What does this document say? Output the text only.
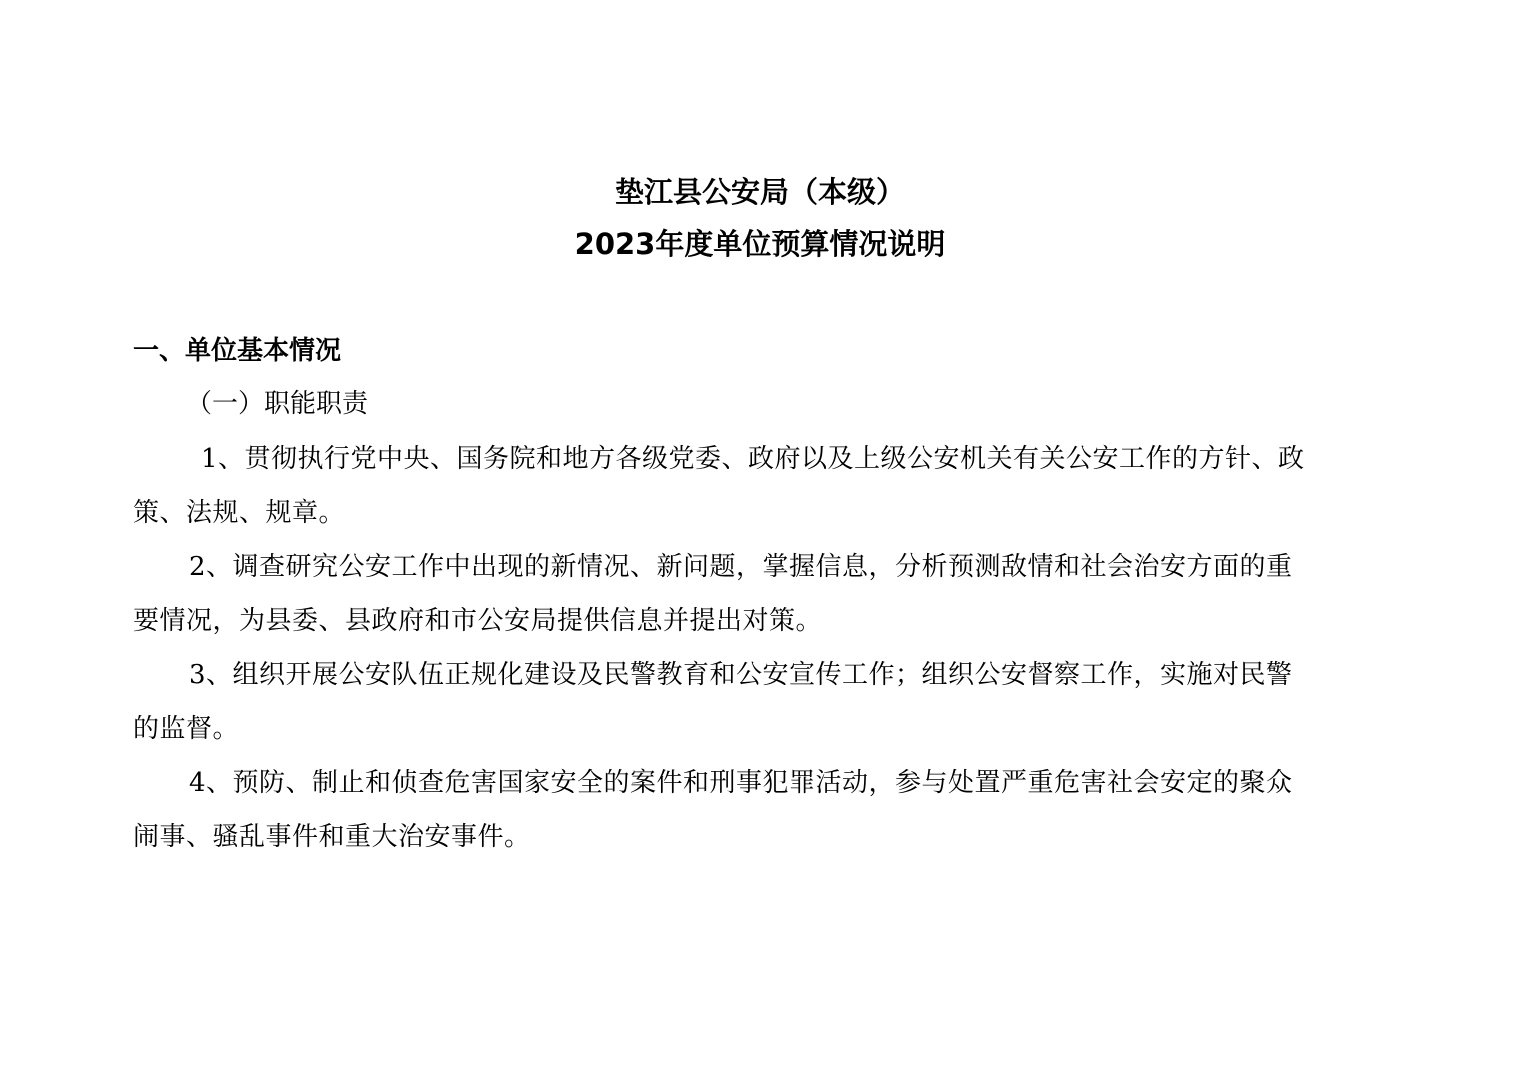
垫江县公安局（本级）
2023年度单位预算情况说明
一、单位基本情况
（一）职能职责
1、贯彻执行党中央、国务院和地方各级党委、政府以及上级公安机关有关公安工作的方针、政
策、法规、规章。
2、调查研究公安工作中出现的新情况、新问题，掌握信息，分析预测敌情和社会治安方面的重
要情况，为县委、县政府和市公安局提供信息并提出对策。
3、组织开展公安队伍正规化建设及民警教育和公安宣传工作；组织公安督察工作，实施对民警
的监督。
4、预防、制止和侦查危害国家安全的案件和刑事犯罪活动，参与处置严重危害社会安定的聚众
闹事、骚乱事件和重大治安事件。
